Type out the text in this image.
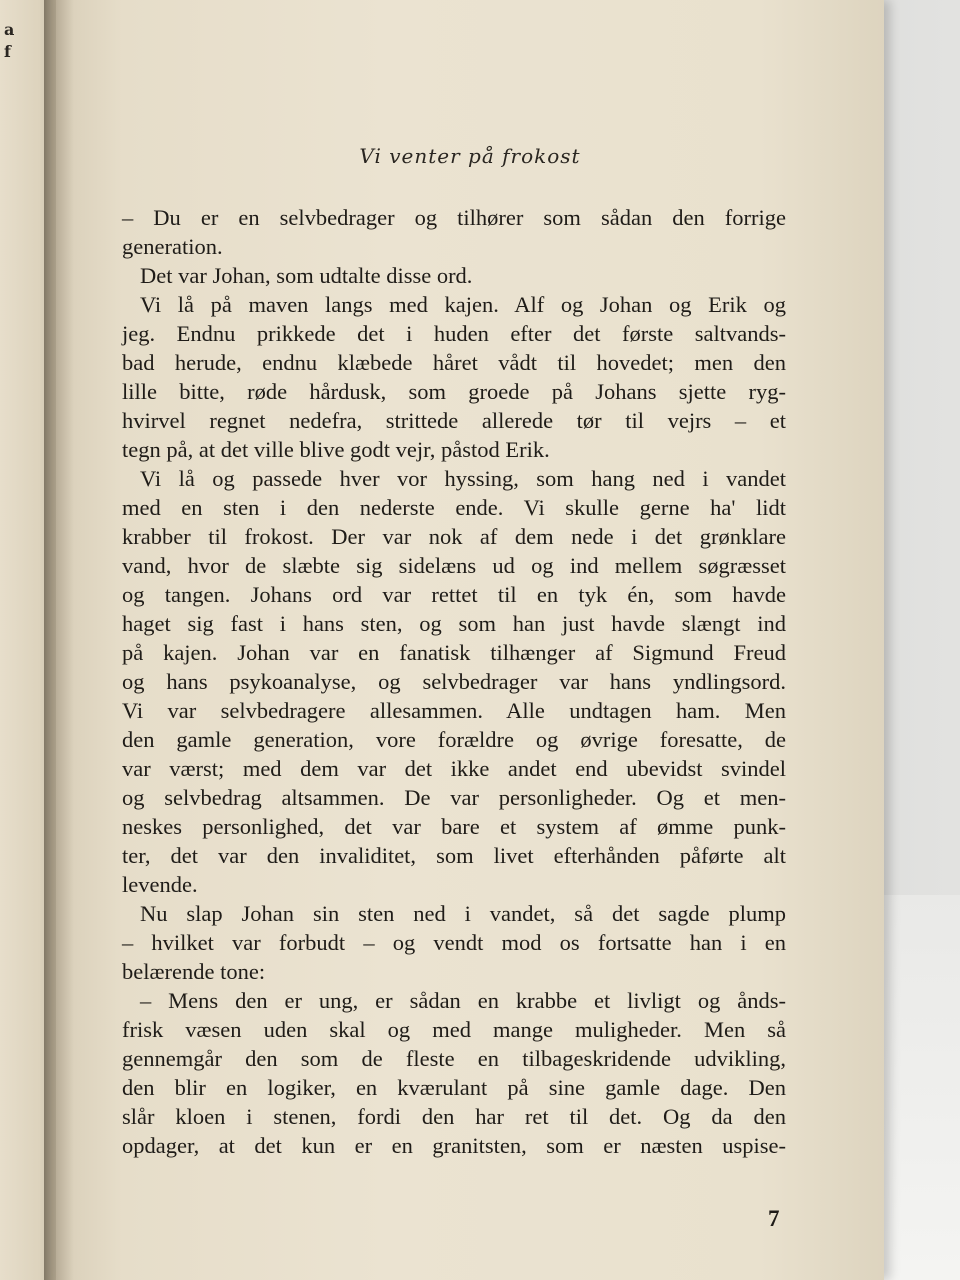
a
f

Vi venter på frokost

– Du er en selvbedrager og tilhører som sådan den forrige
generation.
Det var Johan, som udtalte disse ord.
Vi lå på maven langs med kajen. Alf og Johan og Erik og
jeg. Endnu prikkede det i huden efter det første saltvands-
bad herude, endnu klæbede håret vådt til hovedet; men den
lille bitte, røde hårdusk, som groede på Johans sjette ryg-
hvirvel regnet nedefra, strittede allerede tør til vejrs – et
tegn på, at det ville blive godt vejr, påstod Erik.
Vi lå og passede hver vor hyssing, som hang ned i vandet
med en sten i den nederste ende. Vi skulle gerne ha' lidt
krabber til frokost. Der var nok af dem nede i det grønklare
vand, hvor de slæbte sig sidelæns ud og ind mellem søgræsset
og tangen. Johans ord var rettet til en tyk én, som havde
haget sig fast i hans sten, og som han just havde slængt ind
på kajen. Johan var en fanatisk tilhænger af Sigmund Freud
og hans psykoanalyse, og selvbedrager var hans yndlingsord.
Vi var selvbedragere allesammen. Alle undtagen ham. Men
den gamle generation, vore forældre og øvrige foresatte, de
var værst; med dem var det ikke andet end ubevidst svindel
og selvbedrag altsammen. De var personligheder. Og et men-
neskes personlighed, det var bare et system af ømme punk-
ter, det var den invaliditet, som livet efterhånden påførte alt
levende.
Nu slap Johan sin sten ned i vandet, så det sagde plump
– hvilket var forbudt – og vendt mod os fortsatte han i en
belærende tone:
– Mens den er ung, er sådan en krabbe et livligt og ånds-
frisk væsen uden skal og med mange muligheder. Men så
gennemgår den som de fleste en tilbageskridende udvikling,
den blir en logiker, en kværulant på sine gamle dage. Den
slår kloen i stenen, fordi den har ret til det. Og da den
opdager, at det kun er en granitsten, som er næsten uspise-

7
